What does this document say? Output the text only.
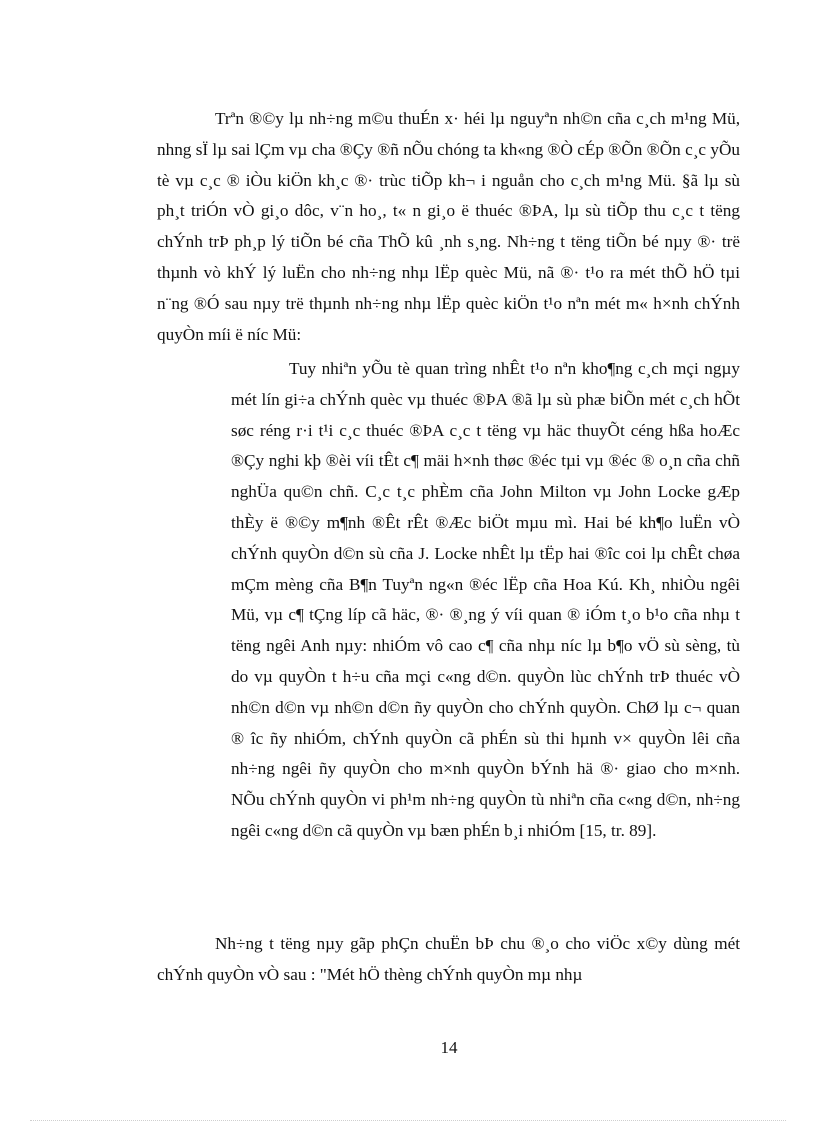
Trªn ®©y lµ nh÷ng m©u thuÉn x· héi lµ nguyªn nh©n cña c¸ch m¹ng Mü, nhng sÏ lµ sai lÇm vµ cha ®Çy ®ñ nÕu chóng ta kh«ng ®Ò cÉp ®Õn ®Õn c¸c yÕu tè vµ c¸c ® iÒu kiÖn kh¸c ®· trùc tiÕp kh¬ i nguån cho c¸ch m¹ng Mü. §ã lµ sù ph¸t triÓn vÒ gi¸o dôc, v¨n ho¸, t« n gi¸o ë thuéc ®ÞA, lµ sù tiÕp thu c¸c t tëng chÝnh trÞ ph¸p lý tiÕn bé cña ThÕ kû ¸nh s¸ng. Nh÷ng t tëng tiÕn bé nµy ®· trë thµnh vò khÝ lý luËn cho nh÷ng nhµ lËp quèc Mü, nã ®· t¹o ra mét thÕ hÖ tµi n¨ng ®Ó sau nµy trë thµnh nh÷ng nhµ lËp quèc kiÖn t¹o nªn mét m« h×nh chÝnh quyÒn míi ë níc Mü:

Tuy nhiªn yÕu tè quan trìng nhÊt t¹o nªn kho¶ng c¸ch mçi ngµy mét lín gi÷a chÝnh quèc vµ thuéc ®ÞA ®ã lµ sù phæ biÕn mét c¸ch hÕt søc réng r·i t¹i c¸c thuéc ®ÞA c¸c t tëng vµ häc thuyÕt céng hßa hoÆc ®Çy nghi kþ ®èi víi tÊt c¶ mäi h×nh thøc ®éc tµi vµ ®éc ® o¸n cña chñ nghÜa qu©n chñ. C¸c t¸c phÈm cña John Milton vµ John Locke gÆp thÈy ë ®©y m¶nh ®Êt rÊt ®Æc biÖt mµu mì. Hai bé kh¶o luËn vÒ chÝnh quyÒn d©n sù cña J. Locke nhÊt lµ tËp hai ®îc coi lµ chÊt chøa mÇm mèng cña B¶n Tuyªn ng«n ®éc lËp cña Hoa Kú. Kh¸ nhiÒu ngêi Mü, vµ c¶ tÇng líp cã häc, ®· ®¸ng ý víi quan ® iÓm t¸o b¹o cña nhµ t tëng ngêi Anh nµy: nhiÓm vô cao c¶ cña nhµ níc lµ b¶o vÖ sù sèng, tù do vµ quyÒn t h÷u cña mçi c«ng d©n. quyÒn lùc chÝnh trÞ thuéc vÒ nh©n d©n vµ nh©n d©n ñy quyÒn cho chÝnh quyÒn. ChØ lµ c¬ quan ® îc ñy nhiÓm, chÝnh quyÒn cã phÉn sù thi hµnh v× quyÒn lêi cña nh÷ng ngêi ñy quyÒn cho m×nh quyÒn bÝnh hä ®· giao cho m×nh. NÕu chÝnh quyÒn vi ph¹m nh÷ng quyÒn tù nhiªn cña c«ng d©n, nh÷ng ngêi c«ng d©n cã quyÒn vµ bæn phÉn b¸i nhiÓm [15, tr. 89].

Nh÷ng t tëng nµy gãp phÇn chuËn bÞ chu ®¸o cho viÖc x©y dùng mét chÝnh quyÒn vÒ sau : "Mét hÖ thèng chÝnh quyÒn mµ nhµ

14
